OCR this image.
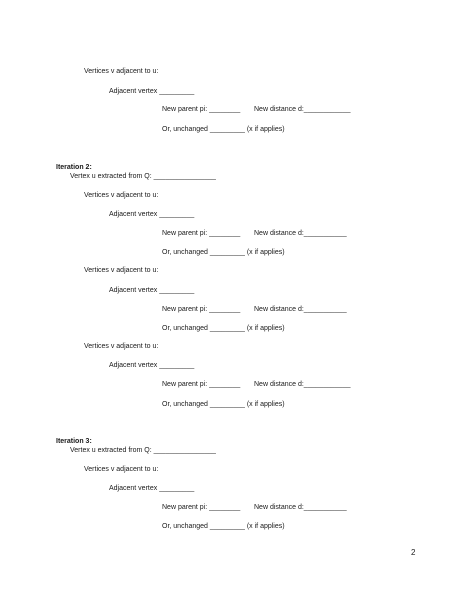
Vertices v adjacent to u:
Adjacent vertex _________
New parent pi: ________ New distance d:____________
Or, unchanged _________ (x if applies)
Iteration 2:
Vertex u extracted from Q: ________________
Vertices v adjacent to u:
Adjacent vertex _________
New parent pi: ________ New distance d:___________
Or, unchanged _________ (x if applies)
Vertices v adjacent to u:
Adjacent vertex _________
New parent pi: ________ New distance d:___________
Or, unchanged _________ (x if applies)
Vertices v adjacent to u:
Adjacent vertex _________
New parent pi: ________ New distance d:____________
Or, unchanged _________ (x if applies)
Iteration 3:
Vertex u extracted from Q: ________________
Vertices v adjacent to u:
Adjacent vertex _________
New parent pi: ________ New distance d:___________
Or, unchanged _________ (x if applies)
2
